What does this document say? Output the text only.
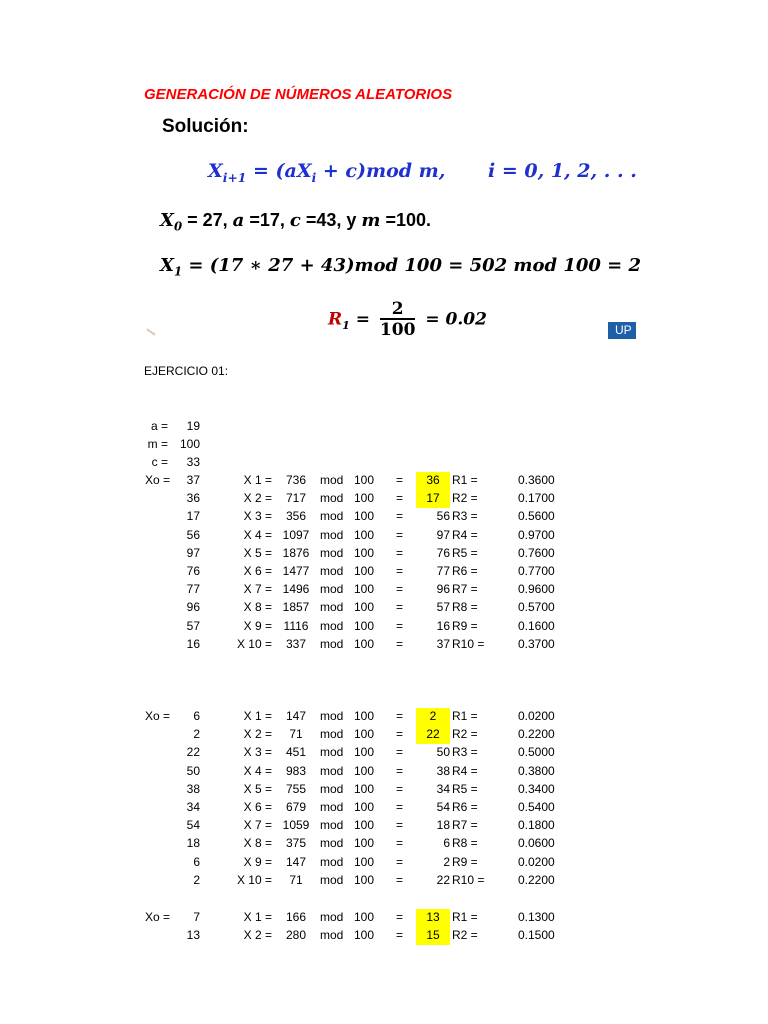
GENERACIÓN DE NÚMEROS ALEATORIOS
Solución:
$X_{i+1} = (aX_i + c)mod$ m, i = 0, 1, 2, . . .
$X_0 = 27$, a =17, c =43, y m =100.
$X_1 = (17$ ∗ 27 + 43)mod 100 = 502 mod 100 = 2
$R_1 = \frac{2}{100} = 0.02$
UP
EJERCICIO 01:
a =	19
m = 100
c =	33
Xo =	37	X 1 =	736	mod 100 =	36	R1 =	0.3600
36	X 2 =	717	mod 100 =	17	R2 =	0.1700
17	X 3 =	356	mod 100 =	56 R3 =	0.5600
56	X 4 = 1097 mod 100 =	97 R4 =	0.9700
97	X 5 = 1876 mod 100 =	76 R5 =	0.7600
76	X 6 = 1477 mod 100 =	77 R6 =	0.7700
77	X 7 = 1496 mod 100 =	96 R7 =	0.9600
96	X 8 = 1857 mod 100 =	57 R8 =	0.5700
57	X 9 = 1116 mod 100 =	16 R9 =	0.1600
16	X 10 =	337	mod 100 =	37 R10 =	0.3700
Xo =	6	X 1 =	147	mod 100 =	2	R1 =	0.0200
2	X 2 =	71	mod 100 =	22	R2 =	0.2200
22	X 3 =	451	mod 100 =	50 R3 =	0.5000
50	X 4 =	983	mod 100 =	38 R4 =	0.3800
38	X 5 =	755	mod 100 =	34 R5 =	0.3400
34	X 6 =	679	mod 100 =	54 R6 =	0.5400
54	X 7 = 1059 mod 100 =	18 R7 =	0.1800
18	X 8 =	375	mod 100 =	6 R8 =	0.0600
6	X 9 =	147	mod 100 =	2 R9 =	0.0200
2	X 10 =	71	mod 100 =	22 R10 =	0.2200
Xo =	7	X 1 =	166	mod 100 =	13	R1 =	0.1300
13	X 2 =	280	mod 100 =	15	R2 =	0.1500
